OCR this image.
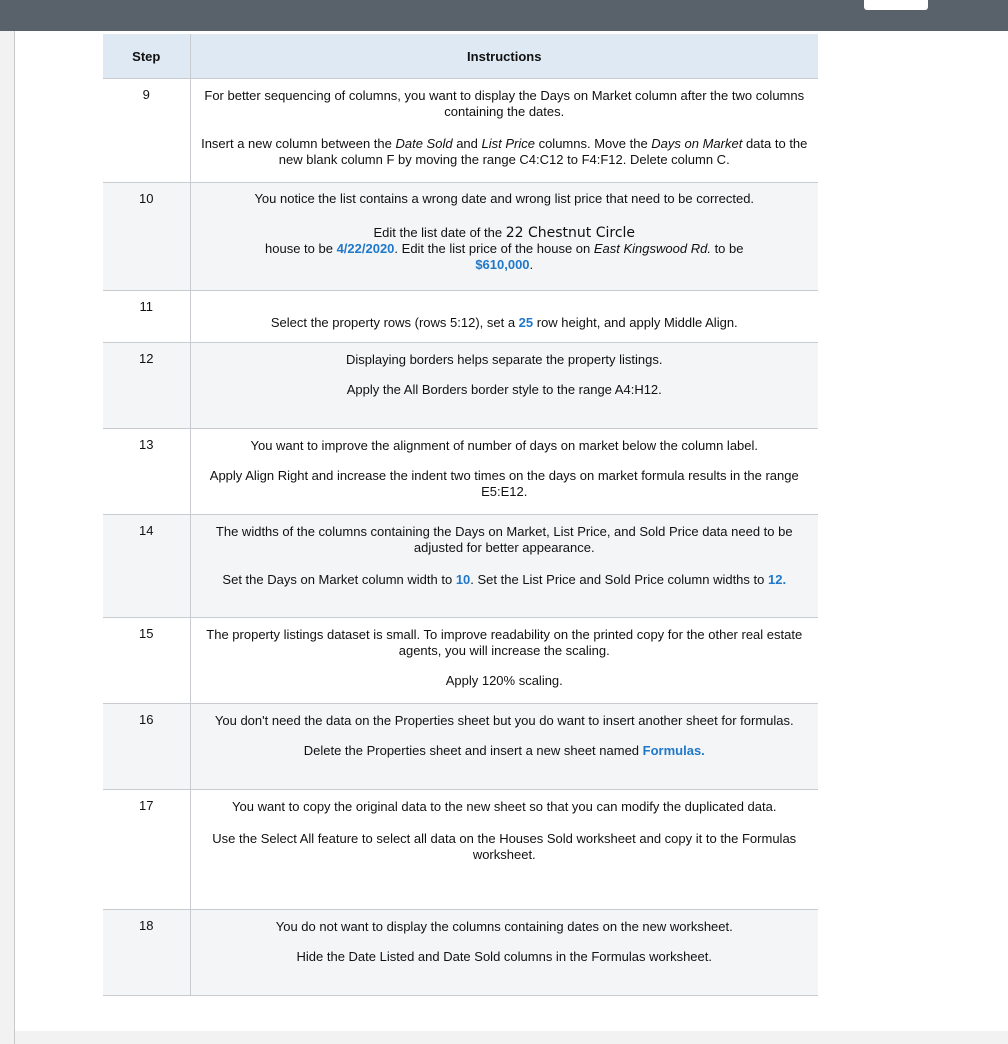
Step	Instructions
9	For better sequencing of columns, you want to display the Days on Market column after the two columns containing the dates.

Insert a new column between the Date Sold and List Price columns. Move the Days on Market data to the new blank column F by moving the range C4:C12 to F4:F12. Delete column C.

10	You notice the list contains a wrong date and wrong list price that need to be corrected.

Edit the list date of the 22 Chestnut Circle
house to be 4/22/2020. Edit the list price of the house on East Kingswood Rd. to be
$610,000.

11	Select the property rows (rows 5:12), set a 25 row height, and apply Middle Align.

12	Displaying borders helps separate the property listings.

Apply the All Borders border style to the range A4:H12.

13	You want to improve the alignment of number of days on market below the column label.

Apply Align Right and increase the indent two times on the days on market formula results in the range E5:E12.

14	The widths of the columns containing the Days on Market, List Price, and Sold Price data need to be adjusted for better appearance.

Set the Days on Market column width to 10. Set the List Price and Sold Price column widths to 12.

15	The property listings dataset is small. To improve readability on the printed copy for the other real estate agents, you will increase the scaling.

Apply 120% scaling.

16	You don't need the data on the Properties sheet but you do want to insert another sheet for formulas.

Delete the Properties sheet and insert a new sheet named Formulas.

17	You want to copy the original data to the new sheet so that you can modify the duplicated data.

Use the Select All feature to select all data on the Houses Sold worksheet and copy it to the Formulas worksheet.

18	You do not want to display the columns containing dates on the new worksheet.

Hide the Date Listed and Date Sold columns in the Formulas worksheet.
